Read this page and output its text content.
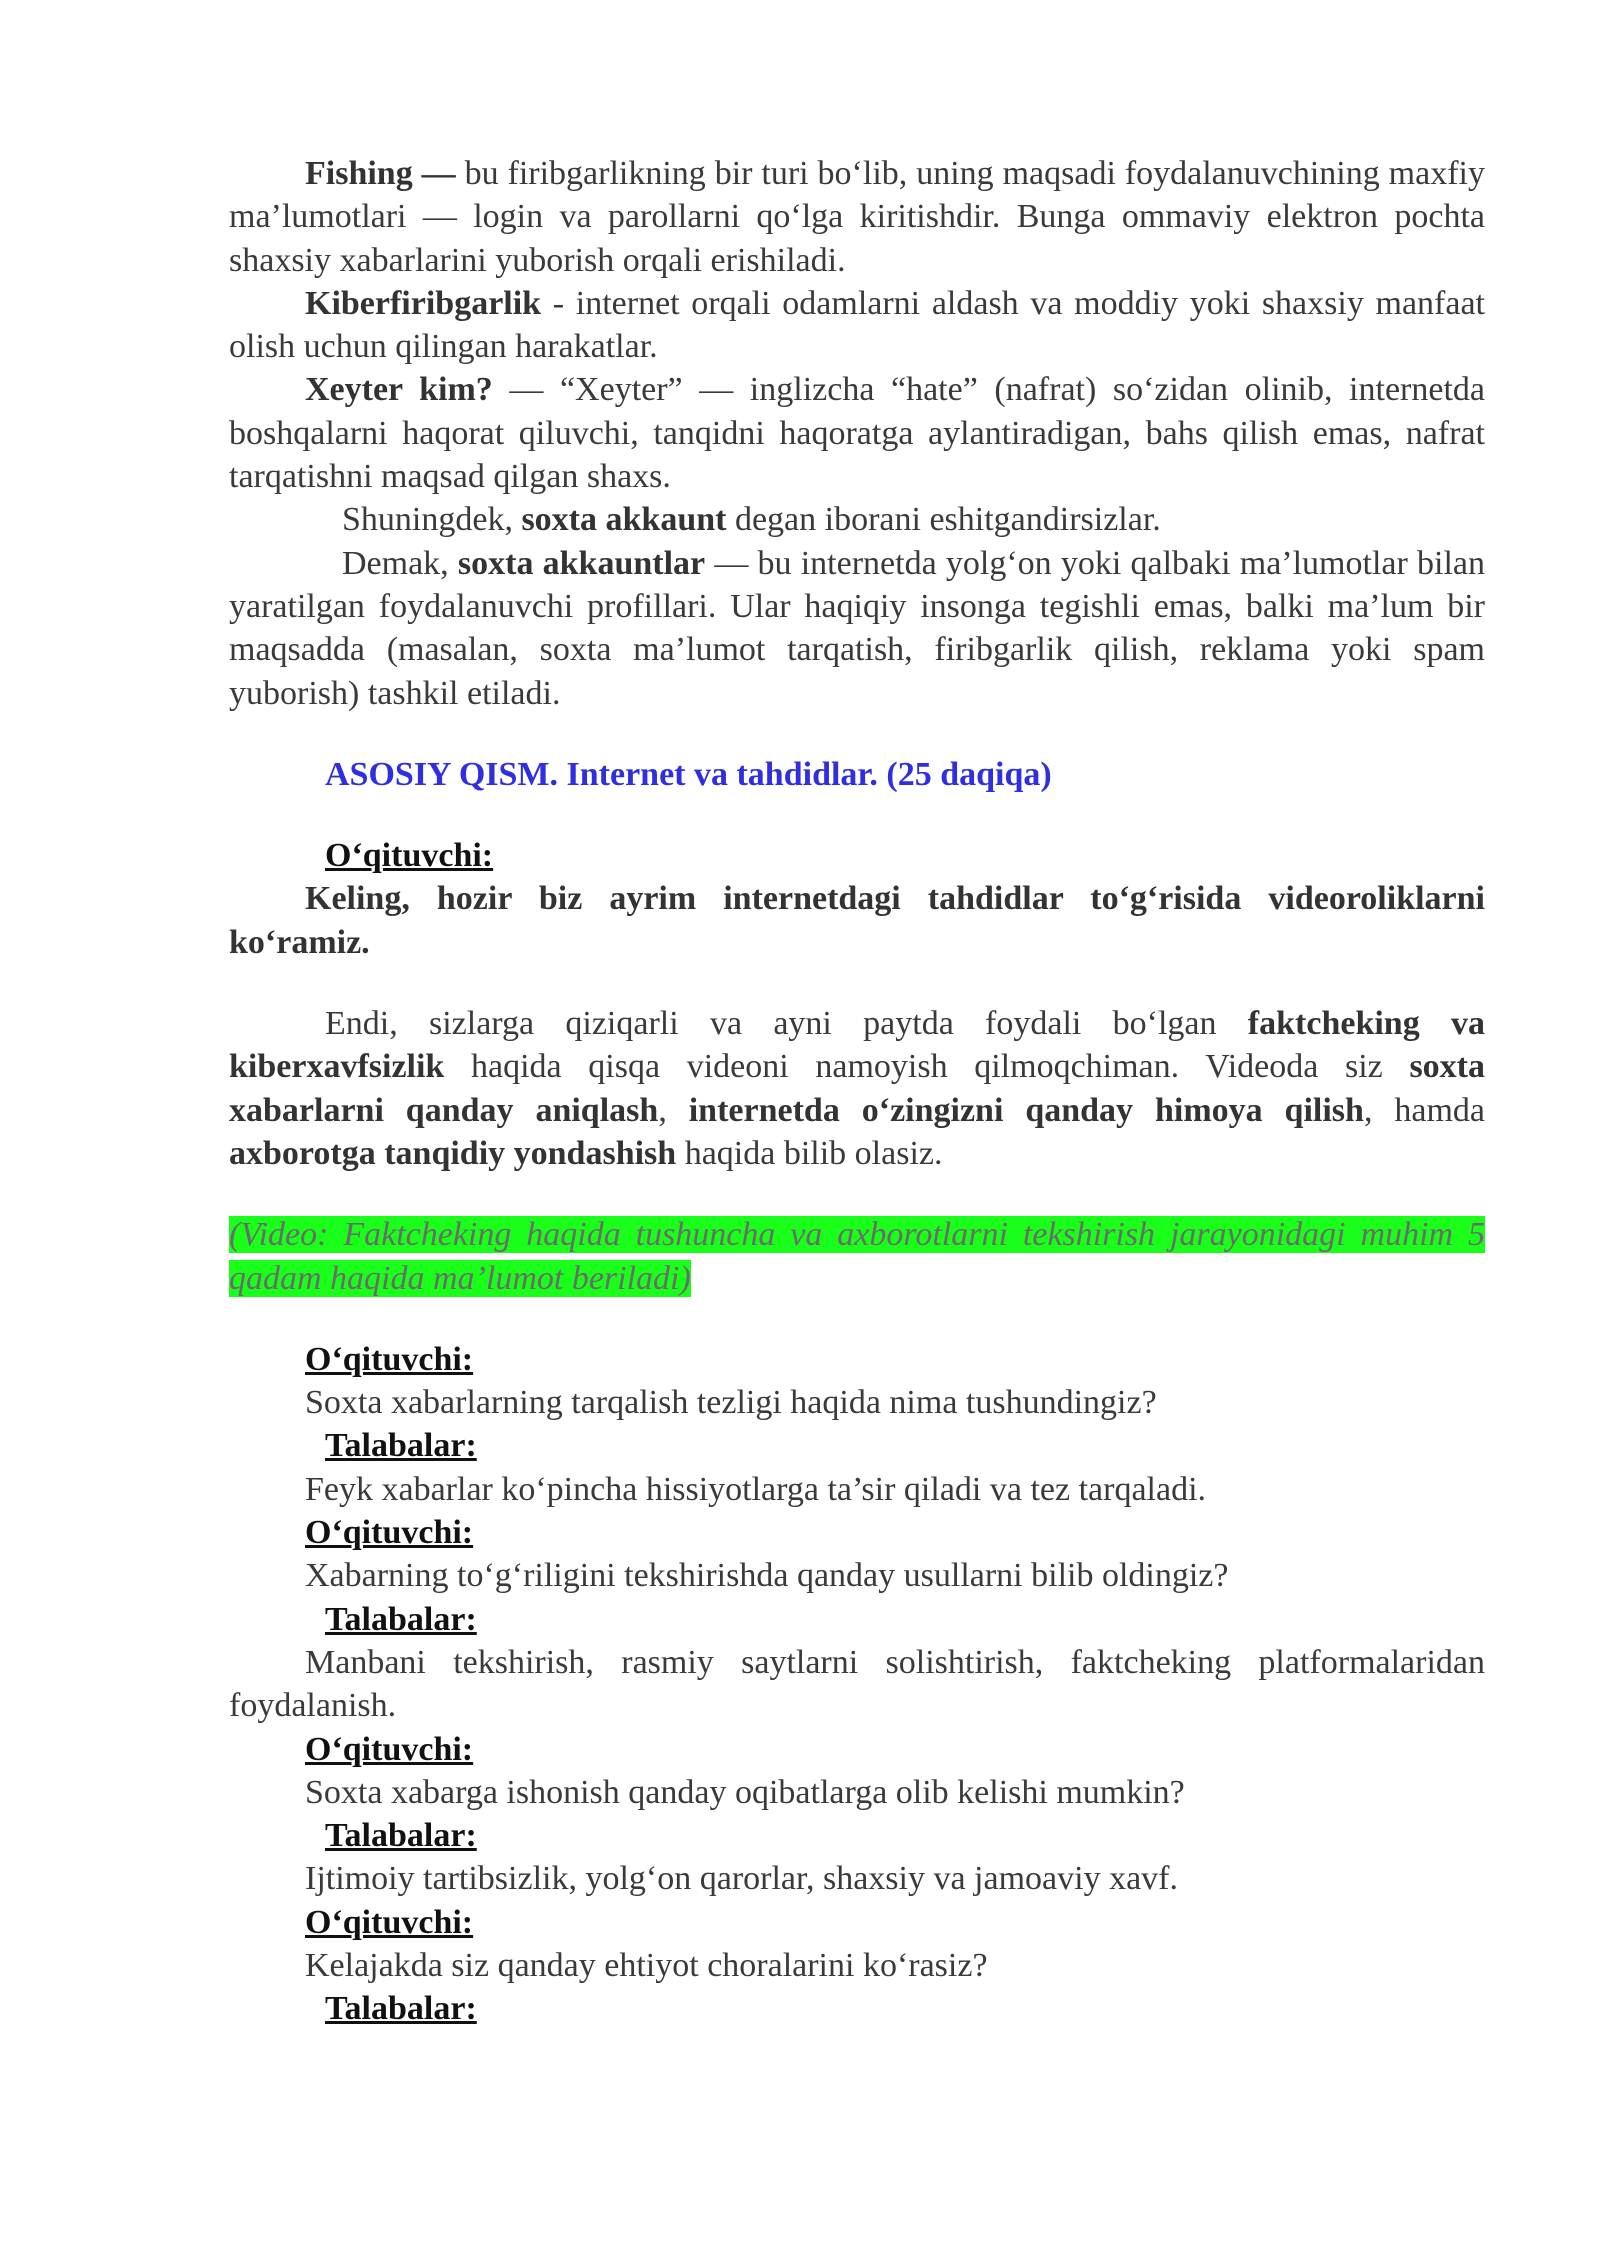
Fishing — bu firibgarlikning bir turi bo‘lib, uning maqsadi foydalanuvchining maxfiy ma’lumotlari — login va parollarni qo‘lga kiritishdir. Bunga ommaviy elektron pochta shaxsiy xabarlarini yuborish orqali erishiladi.

Kiberfiribgarlik - internet orqali odamlarni aldash va moddiy yoki shaxsiy manfaat olish uchun qilingan harakatlar.

Xeyter kim? — “Xeyter” — inglizcha “hate” (nafrat) so‘zidan olinib, internetda boshqalarni haqorat qiluvchi, tanqidni haqoratga aylantiradigan, bahs qilish emas, nafrat tarqatishni maqsad qilgan shaxs.

Shuningdek, soxta akkaunt degan iborani eshitgandirsizlar.

Demak, soxta akkauntlar — bu internetda yolg‘on yoki qalbaki ma’lumotlar bilan yaratilgan foydalanuvchi profillari. Ular haqiqiy insonga tegishli emas, balki ma’lum bir maqsadda (masalan, soxta ma’lumot tarqatish, firibgarlik qilish, reklama yoki spam yuborish) tashkil etiladi.

ASOSIY QISM. Internet va tahdidlar. (25 daqiqa)

O‘qituvchi:

Keling, hozir biz ayrim internetdagi tahdidlar to‘g‘risida videoroliklarni ko‘ramiz.

Endi, sizlarga qiziqarli va ayni paytda foydali bo‘lgan faktcheking va kiberxavfsizlik haqida qisqa videoni namoyish qilmoqchiman. Videoda siz soxta xabarlarni qanday aniqlash, internetda o‘zingizni qanday himoya qilish, hamda axborotga tanqidiy yondashish haqida bilib olasiz.

(Video: Faktcheking haqida tushuncha va axborotlarni tekshirish jarayonidagi muhim 5 qadam haqida ma’lumot beriladi)

O‘qituvchi:

Soxta xabarlarning tarqalish tezligi haqida nima tushundingiz?

Talabalar:

Feyk xabarlar ko‘pincha hissiyotlarga ta’sir qiladi va tez tarqaladi.

O‘qituvchi:

Xabarning to‘g‘riligini tekshirishda qanday usullarni bilib oldingiz?

Talabalar:

Manbani tekshirish, rasmiy saytlarni solishtirish, faktcheking platformalaridan foydalanish.

O‘qituvchi:

Soxta xabarga ishonish qanday oqibatlarga olib kelishi mumkin?

Talabalar:

Ijtimoiy tartibsizlik, yolg‘on qarorlar, shaxsiy va jamoaviy xavf.

O‘qituvchi:

Kelajakda siz qanday ehtiyot choralarini ko‘rasiz?

Talabalar:
